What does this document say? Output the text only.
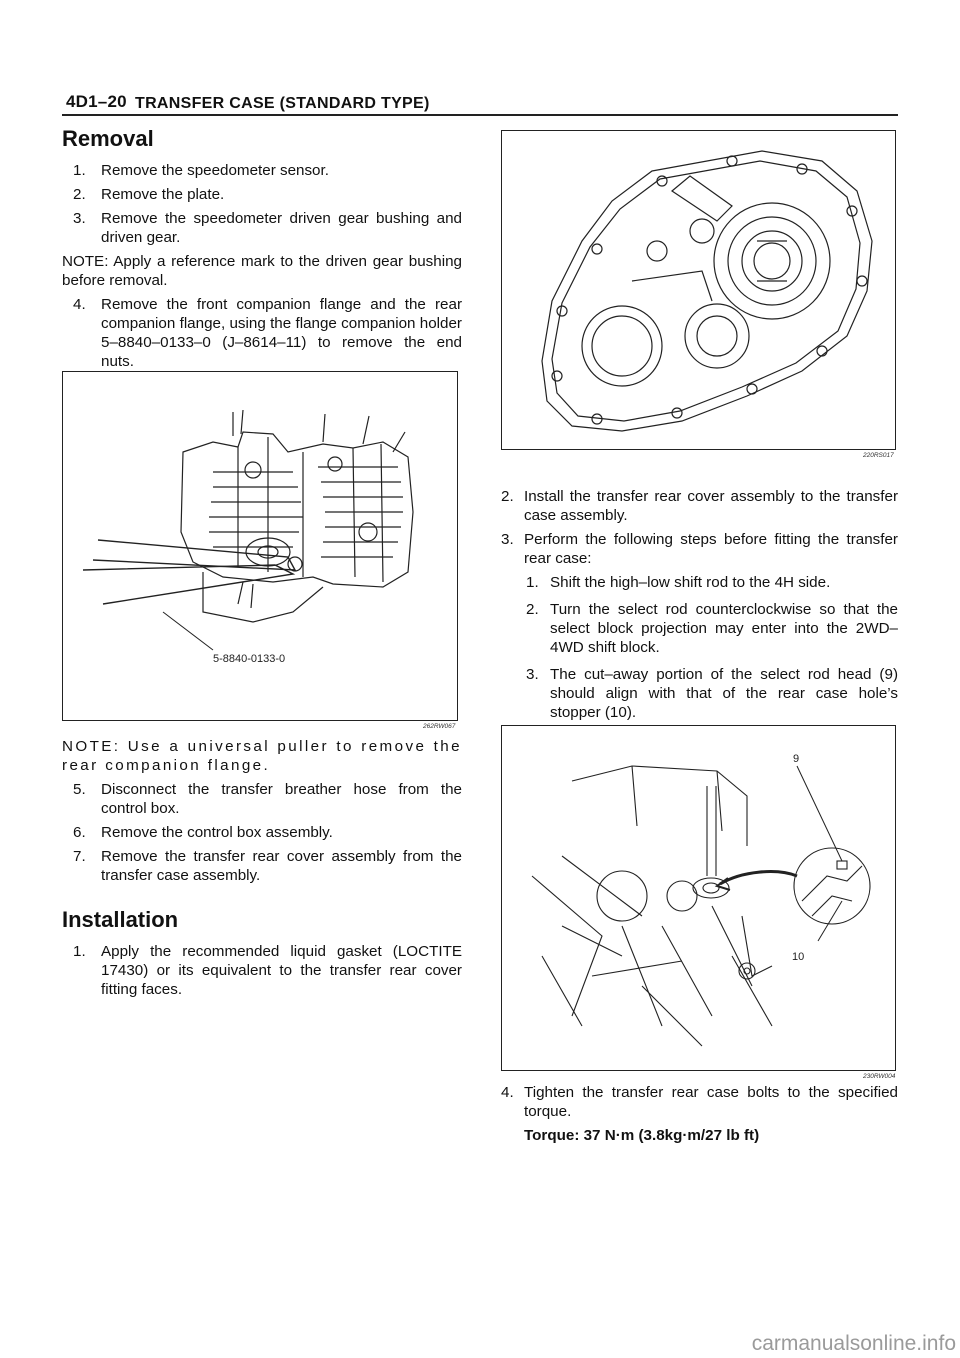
4D1–20 TRANSFER CASE (STANDARD TYPE)
Removal
1. Remove the speedometer sensor.
2. Remove the plate.
3. Remove the speedometer driven gear bushing and driven gear.
NOTE: Apply a reference mark to the driven gear bushing before removal.
4. Remove the front companion flange and the rear companion flange, using the flange companion holder 5–8840–0133–0 (J–8614–11) to remove the end nuts.
5-8840-0133-0
262RW067
NOTE: Use a universal puller to remove the rear companion flange.
5. Disconnect the transfer breather hose from the control box.
6. Remove the control box assembly.
7. Remove the transfer rear cover assembly from the transfer case assembly.
Installation
1. Apply the recommended liquid gasket (LOCTITE 17430) or its equivalent to the transfer rear cover fitting faces.
220RS017
2. Install the transfer rear cover assembly to the transfer case assembly.
3. Perform the following steps before fitting the transfer rear case:
1. Shift the high–low shift rod to the 4H side.
2. Turn the select rod counterclockwise so that the select block projection may enter into the 2WD–4WD shift block.
3. The cut–away portion of the select rod head (9) should align with that of the rear case hole’s stopper (10).
9
10
230RW004
4. Tighten the transfer rear case bolts to the specified torque.
Torque: 37 N·m (3.8kg·m/27 lb ft)
carmanualsonline.info
